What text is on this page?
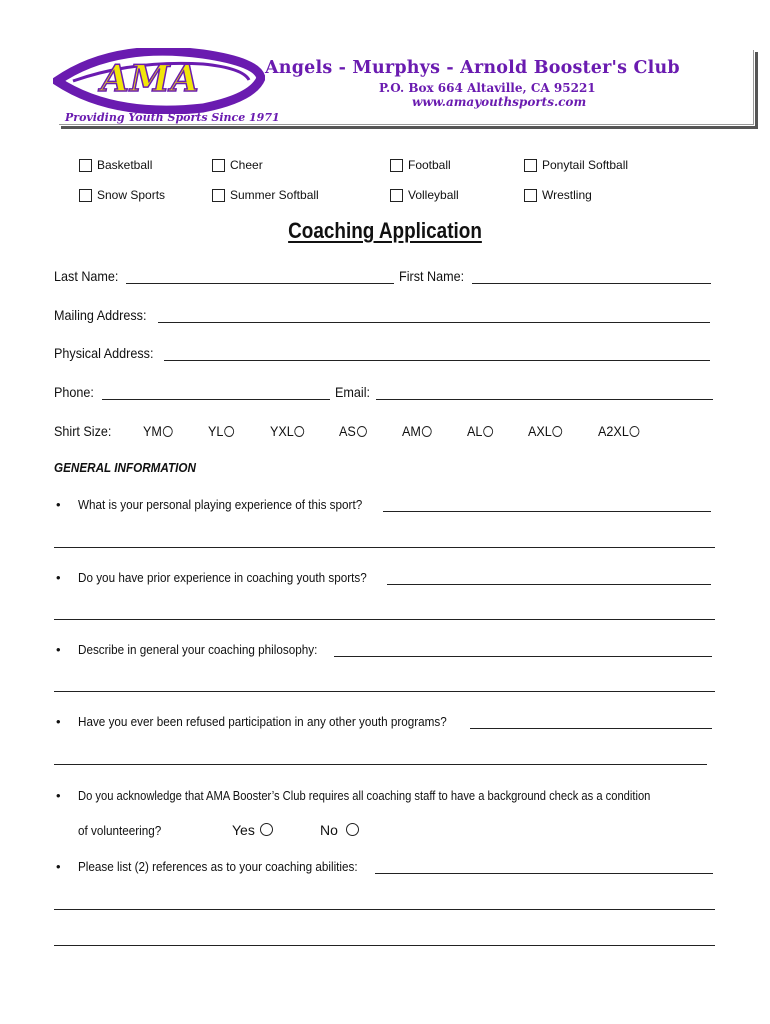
AMA	Angels - Murphys - Arnold Booster's Club
P.O. Box 664 Altaville, CA 95221
www.amayouthsports.com
Providing Youth Sports Since 1971
Basketball	Cheer	Football	Ponytail Softball
Snow Sports	Summer Softball	Volleyball	Wrestling
Coaching Application
Last Name:	First Name:
Mailing Address:
Physical Address:
Phone:	Email:
Shirt Size: YM	YL	YXL	AS	AM	AL	AXL	A2XL
GENERAL INFORMATION
• What is your personal playing experience of this sport?
• Do you have prior experience in coaching youth sports?
• Describe in general your coaching philosophy:
• Have you ever been refused participation in any other youth programs?
• Do you acknowledge that AMA Booster’s Club requires all coaching staff to have a background check as a condition
of volunteering?	Yes	No
• Please list (2) references as to your coaching abilities:
